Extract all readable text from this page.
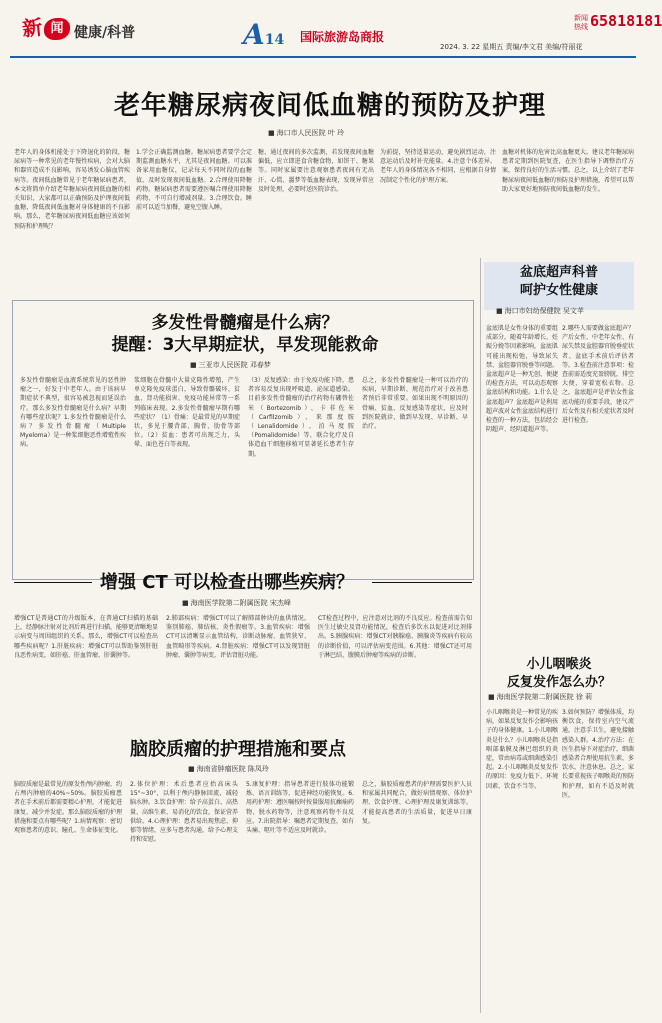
新 闻 健康/科普	A14 国际旅游岛商报
2024. 3. 22 星期五 责编/李文君 美编/符丽花
新闻热线 65818181
老年糖尿病夜间低血糖的预防及护理
■ 海口市人民医院 叶 玲
老年人的身体机能处于下降退化的阶段，糖尿病等一种常见的老年慢性疾病，会对大脑和器官造成不良影响，容易诱发心脑血管疾病等。夜间低血糖常见于老年糖尿病患者，本文将简单介绍老年糖尿病夜间低血糖的相关知识，大家都可以正确预防及护理夜间低血糖，降低夜间低血糖对身体健康的不良影响。那么，老年糖尿病夜间低血糖应该如何预防和护理呢？
1.学会正确监测血糖。糖尿病患者要学会定期监测血糖水平，尤其是夜间血糖。可以准备家用血糖仪，记录每天不同时段的血糖值，及时发现夜间低血糖。2.合理使用降糖药物。糖尿病患者需要遵医嘱合理使用降糖药物，不可自行增减剂量。3.合理饮食。睡前可以适当加餐，避免空腹入睡。
糖，通过夜间的多次监测，若发现夜间血糖偏低，应立即进食含糖食物，如饼干、糖果等。同时家属要注意观察患者夜间有无出汗、心慌、噩梦等低血糖表现，发现异常应及时处理，必要时送医院诊治。
为前提，坚持适量运动，避免剧烈运动，注意运动后及时补充能量。4.注意个体差异。老年人的身体情况各不相同，应根据自身情况制定个性化的护理方案。
血糖对机体的危害比高血糖更大。建议老年糖尿病患者定期到医院复查，在医生指导下调整治疗方案，保持良好的生活习惯。总之，以上介绍了老年糖尿病夜间低血糖的预防及护理措施，希望可以帮助大家更好地预防夜间低血糖的发生。
多发性骨髓瘤是什么病？
提醒：3大早期症状，早发现能救命
■ 三亚市人民医院 邓春梦
多发性骨髓瘤是血液系统常见的恶性肿瘤之一，好发于中老年人。由于该病早期症状不典型，很容易被忽视而延误治疗。那么多发性骨髓瘤是什么病？早期有哪些症状呢？1.多发性骨髓瘤是什么病？多发性骨髓瘤（Multiple Myeloma）是一种浆细胞恶性增殖性疾病。
浆细胞在骨髓中大量克隆性增殖，产生单克隆免疫球蛋白，导致骨骼破坏、贫血、肾功能损害、免疫功能异常等一系列临床表现。2.多发性骨髓瘤早期有哪些症状？（1）骨痛：是最常见的早期症状，多见于腰背部、胸骨、肋骨等部位。（2）贫血：患者可出现乏力、头晕、面色苍白等表现。
（3）反复感染：由于免疫功能下降，患者容易反复出现呼吸道、泌尿道感染。目前多发性骨髓瘤的治疗药物有硼替佐米（Bortezomib）、卡非佐米（Carfilzomib）、来那度胺（Lenalidomide）、泊马度胺（Pomalidomide）等，联合化疗及自体造血干细胞移植可显著延长患者生存期。
总之，多发性骨髓瘤是一种可以治疗的疾病，早期诊断、规范治疗对于改善患者预后非常重要。如果出现不明原因的骨痛、贫血、反复感染等症状，应及时到医院就诊，做到早发现、早诊断、早治疗。
增强 CT 可以检查出哪些疾病？
■ 海南医学院第二附属医院 宋杰峰
增强CT是普通CT的升级版本，在普通CT扫描的基础上，经静脉注射对比剂后再进行扫描，能够更清晰地显示病变与周围组织的关系。那么，增强CT可以检查出哪些疾病呢？1.肝脏疾病：增强CT可以帮助鉴别肝脏良恶性病变，如肝癌、肝血管瘤、肝囊肿等。
2.肺部疾病：增强CT可以了解肺部肿块的血供情况，鉴别肺癌、肺结核、炎性假瘤等。3.血管疾病：增强CT可以清晰显示血管结构，诊断动脉瘤、血管狭窄、血管畸形等疾病。4.肾脏疾病：增强CT可以发现肾脏肿瘤、囊肿等病变，评估肾脏功能。
CT检查过程中，应注意对比剂的不良反应。检查前需告知医生过敏史及肾功能情况，检查后多饮水以促进对比剂排出。5.胰腺疾病：增强CT对胰腺癌、胰腺炎等疾病有较高的诊断价值，可以评估病变范围。6.其他：增强CT还可用于淋巴结、腹膜后肿瘤等疾病的诊断。
脑胶质瘤的护理措施和要点
■ 海南省肿瘤医院 陈凤玲
脑胶质瘤是最常见的原发性颅内肿瘤，约占颅内肿瘤的40%~50%。脑胶质瘤患者在手术前后都需要精心护理，才能促进康复、减少并发症。那么脑胶质瘤的护理措施和要点有哪些呢？1.病情观察：密切观察患者的意识、瞳孔、生命体征变化。
2.体位护理：术后患者应抬高床头15°~30°，以利于颅内静脉回流，减轻脑水肿。3.饮食护理：给予高蛋白、高热量、高维生素、易消化的饮食，保证营养供给。4.心理护理：患者易出现焦虑、抑郁等情绪，应多与患者沟通，给予心理支持和安慰。
5.康复护理：指导患者进行肢体功能锻炼、语言训练等，促进神经功能恢复。6.用药护理：遵医嘱按时按量服用抗癫痫药物、脱水药物等，注意观察药物不良反应。7.出院指导：嘱患者定期复查，如有头痛、呕吐等不适应及时就诊。
总之，脑胶质瘤患者的护理需要医护人员和家属共同配合，做好病情观察、体位护理、饮食护理、心理护理及康复训练等，才能提高患者的生活质量，促进早日康复。
盆底超声科普
呵护女性健康
■ 海口市妇幼保健院 吴文苹
盆底肌是女性身体的重要组成部分，随着年龄增长、妊娠分娩等因素影响，盆底肌可能出现松弛，导致尿失禁、盆腔器官脱垂等问题。盆底超声是一种无创、便捷的检查方法，可以动态观察盆底结构和功能。1.什么是盆底超声？盆底超声是利用超声波对女性盆底结构进行检查的一种方法，包括经会阴超声、经阴道超声等。
2.哪些人需要做盆底超声？产后女性、中老年女性、有尿失禁及盆腔器官脱垂症状者、盆底手术前后评估者等。3.检查前注意事项：检查前需适度充盈膀胱，排空大便，穿着宽松衣物。总之，盆底超声是评估女性盆底功能的重要手段，建议产后女性及有相关症状者及时进行检查。
小儿咽喉炎
反复发作怎么办？
■ 海南医学院第二附属医院 徐 莉
小儿咽喉炎是一种常见的疾病，如果反复发作会影响孩子的身体健康。1.小儿咽喉炎是什么？小儿咽喉炎是指咽部黏膜及淋巴组织的炎症，常由病毒或细菌感染引起。2.小儿咽喉炎反复发作的原因：免疫力低下、环境因素、饮食不当等。
3.如何预防？增强体质，均衡饮食，保持室内空气流通，注意手卫生，避免接触感染人群。4.治疗方法：在医生指导下对症治疗，细菌感染者合理使用抗生素，多饮水，注意休息。总之，家长要重视孩子咽喉炎的预防和护理，如有不适及时就医。
